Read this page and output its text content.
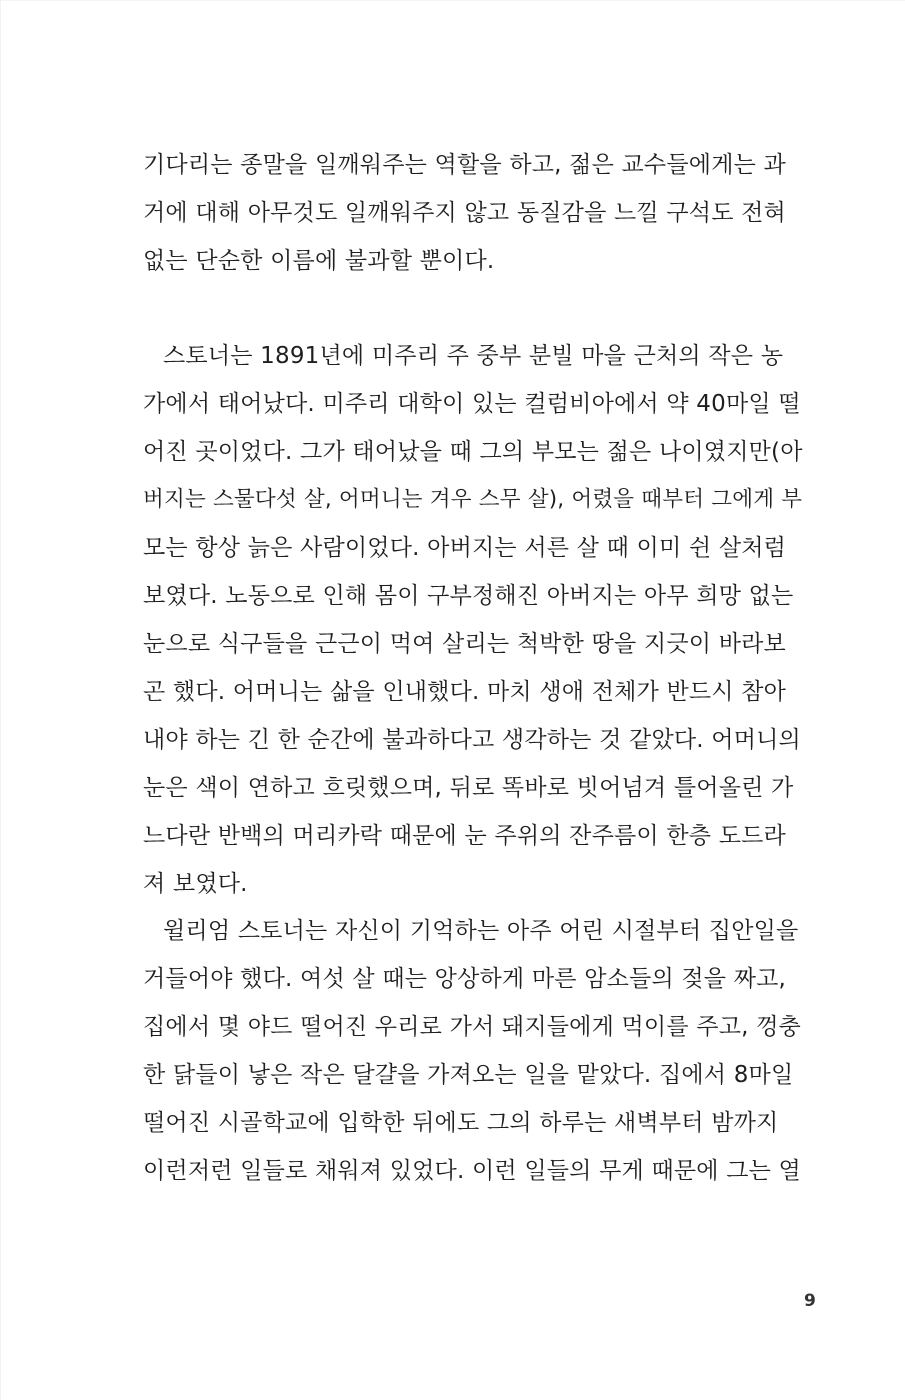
기다리는 종말을 일깨워주는 역할을 하고, 젊은 교수들에게는 과
거에 대해 아무것도 일깨워주지 않고 동질감을 느낄 구석도 전혀
없는 단순한 이름에 불과할 뿐이다.
스토너는 1891년에 미주리 주 중부 분빌 마을 근처의 작은 농
가에서 태어났다. 미주리 대학이 있는 컬럼비아에서 약 40마일 떨
어진 곳이었다. 그가 태어났을 때 그의 부모는 젊은 나이였지만(아
버지는 스물다섯 살, 어머니는 겨우 스무 살), 어렸을 때부터 그에게 부
모는 항상 늙은 사람이었다. 아버지는 서른 살 때 이미 쉰 살처럼
보였다. 노동으로 인해 몸이 구부정해진 아버지는 아무 희망 없는
눈으로 식구들을 근근이 먹여 살리는 척박한 땅을 지긋이 바라보
곤 했다. 어머니는 삶을 인내했다. 마치 생애 전체가 반드시 참아
내야 하는 긴 한 순간에 불과하다고 생각하는 것 같았다. 어머니의
눈은 색이 연하고 흐릿했으며, 뒤로 똑바로 빗어넘겨 틀어올린 가
느다란 반백의 머리카락 때문에 눈 주위의 잔주름이 한층 도드라
져 보였다.
윌리엄 스토너는 자신이 기억하는 아주 어린 시절부터 집안일을
거들어야 했다. 여섯 살 때는 앙상하게 마른 암소들의 젖을 짜고,
집에서 몇 야드 떨어진 우리로 가서 돼지들에게 먹이를 주고, 껑충
한 닭들이 낳은 작은 달걀을 가져오는 일을 맡았다. 집에서 8마일
떨어진 시골학교에 입학한 뒤에도 그의 하루는 새벽부터 밤까지
이런저런 일들로 채워져 있었다. 이런 일들의 무게 때문에 그는 열
9
